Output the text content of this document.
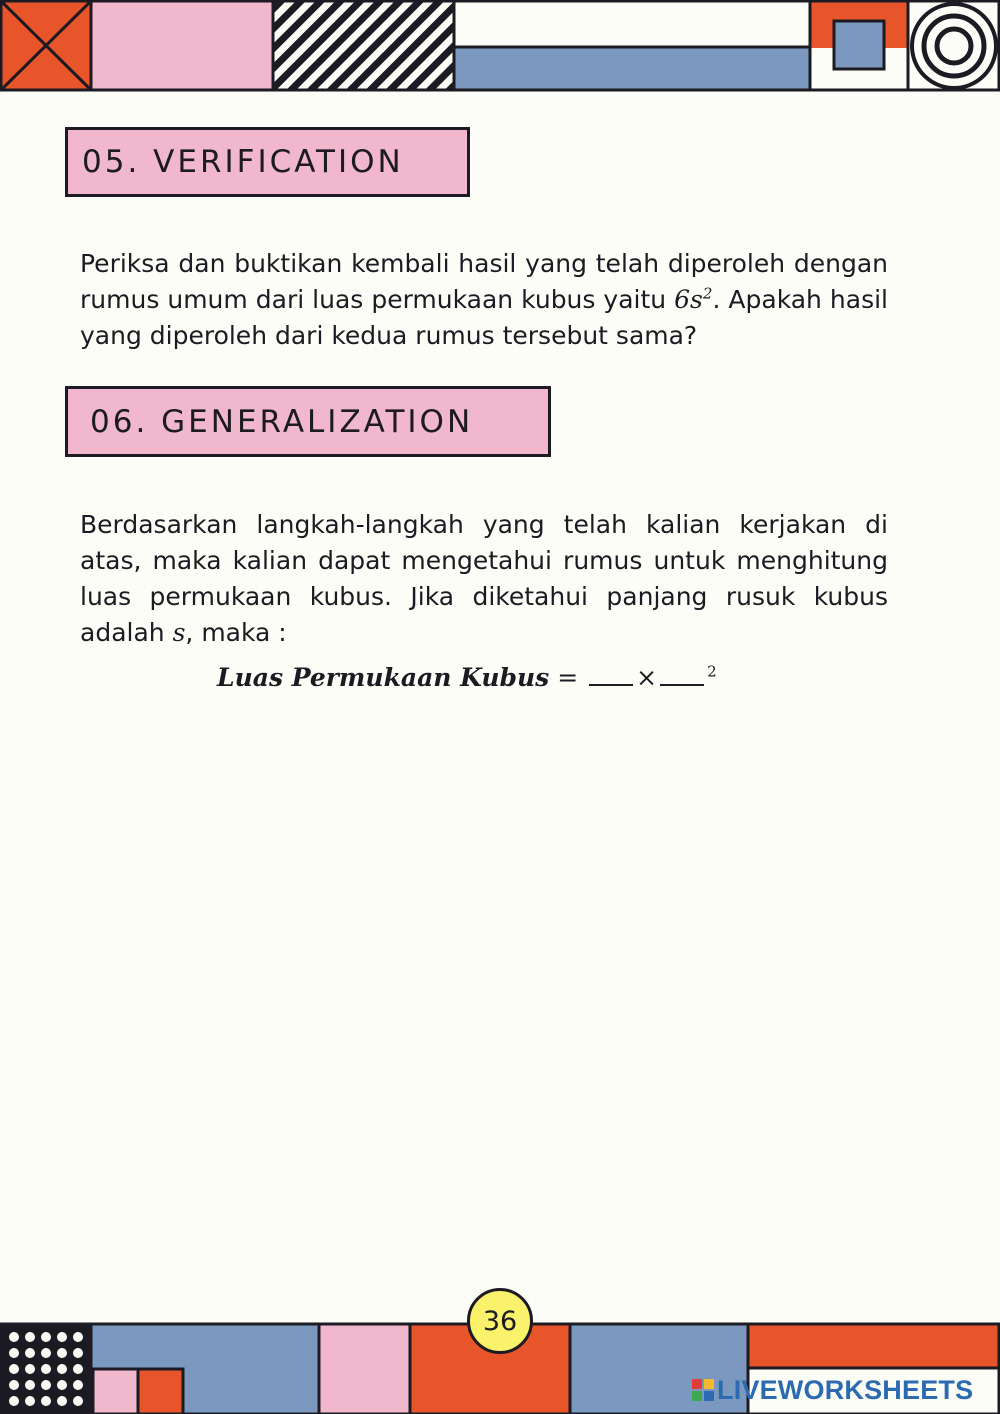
05. VERIFICATION

Periksa dan buktikan kembali hasil yang telah diperoleh dengan rumus umum dari luas permukaan kubus yaitu $6s^2$. Apakah hasil yang diperoleh dari kedua rumus tersebut sama?

06. GENERALIZATION

Berdasarkan langkah-langkah yang telah kalian kerjakan di atas, maka kalian dapat mengetahui rumus untuk menghitung luas permukaan kubus. Jika diketahui panjang rusuk kubus adalah s, maka :

Luas Permukaan Kubus = ×	$^2$
36
LIVEWORKSHEETS
